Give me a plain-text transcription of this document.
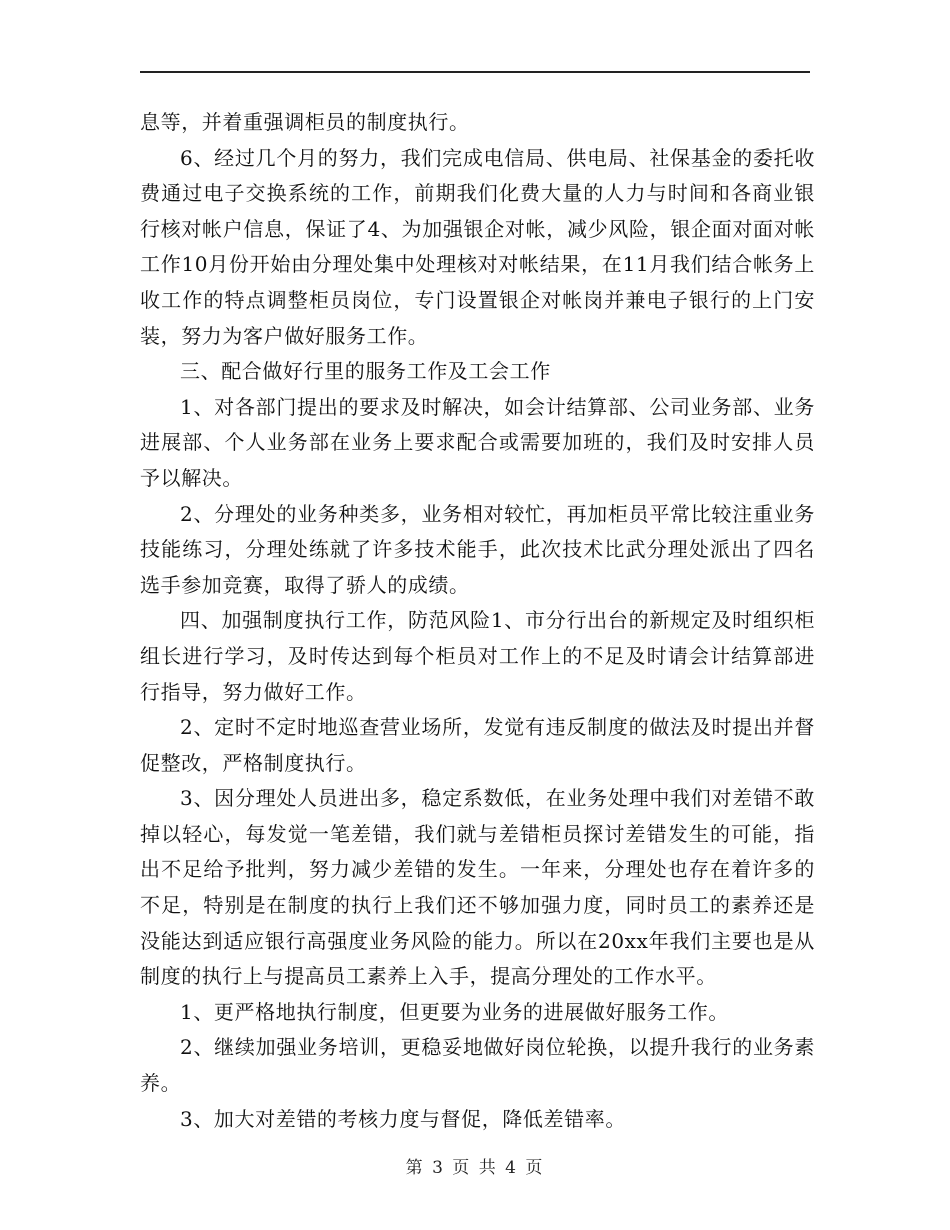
息等，并着重强调柜员的制度执行。

6、经过几个月的努力，我们完成电信局、供电局、社保基金的委托收费通过电子交换系统的工作，前期我们化费大量的人力与时间和各商业银行核对帐户信息，保证了4、为加强银企对帐，减少风险，银企面对面对帐工作10月份开始由分理处集中处理核对对帐结果，在11月我们结合帐务上收工作的特点调整柜员岗位，专门设置银企对帐岗并兼电子银行的上门安装，努力为客户做好服务工作。

三、配合做好行里的服务工作及工会工作

1、对各部门提出的要求及时解决，如会计结算部、公司业务部、业务进展部、个人业务部在业务上要求配合或需要加班的，我们及时安排人员予以解决。

2、分理处的业务种类多，业务相对较忙，再加柜员平常比较注重业务技能练习，分理处练就了许多技术能手，此次技术比武分理处派出了四名选手参加竞赛，取得了骄人的成绩。

四、加强制度执行工作，防范风险1、市分行出台的新规定及时组织柜组长进行学习，及时传达到每个柜员对工作上的不足及时请会计结算部进行指导，努力做好工作。

2、定时不定时地巡查营业场所，发觉有违反制度的做法及时提出并督促整改，严格制度执行。

3、因分理处人员进出多，稳定系数低，在业务处理中我们对差错不敢掉以轻心，每发觉一笔差错，我们就与差错柜员探讨差错发生的可能，指出不足给予批判，努力减少差错的发生。一年来，分理处也存在着许多的不足，特别是在制度的执行上我们还不够加强力度，同时员工的素养还是没能达到适应银行高强度业务风险的能力。所以在20xx年我们主要也是从制度的执行上与提高员工素养上入手，提高分理处的工作水平。

1、更严格地执行制度，但更要为业务的进展做好服务工作。

2、继续加强业务培训，更稳妥地做好岗位轮换，以提升我行的业务素养。

3、加大对差错的考核力度与督促，降低差错率。

第 3 页 共 4 页
